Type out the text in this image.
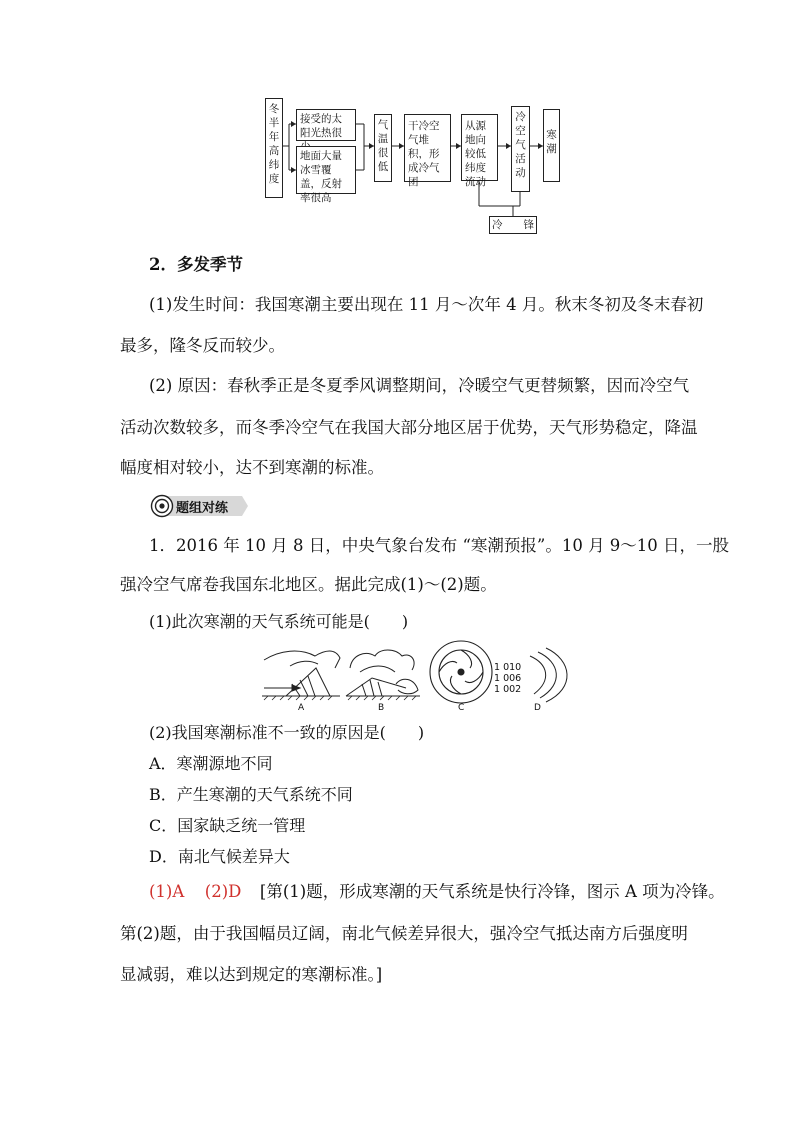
冬
半
年
高
纬
度
接受的太阳光热很
地面大量冰雪覆盖，反射率很高
气
温
很
低
干冷空气堆积，形成冷气团
从源地向较低纬度流动
冷
空
气
活
动
寒
潮
冷　　锋
2．多发季节
(1)发生时间：我国寒潮主要出现在 11 月～次年 4 月。秋末冬初及冬末春初
最多，隆冬反而较少。
(2) 原因：春秋季正是冬夏季风调整期间，冷暖空气更替频繁，因而冷空气
活动次数较多，而冬季冷空气在我国大部分地区居于优势，天气形势稳定，降温
幅度相对较小，达不到寒潮的标准。
题组对练
1．2016 年 10 月 8 日，中央气象台发布 “寒潮预报”。10 月 9～10 日，一股
强冷空气席卷我国东北地区。据此完成(1)～(2)题。
(1)此次寒潮的天气系统可能是(　　)
1 010
1 006
1 002
A	B	C	D
(2)我国寒潮标准不一致的原因是(　　)
A．寒潮源地不同
B．产生寒潮的天气系统不同
C．国家缺乏统一管理
D．南北气候差异大
(1)A (2)D [第(1)题，形成寒潮的天气系统是快行冷锋，图示 A 项为冷锋。
第(2)题，由于我国幅员辽阔，南北气候差异很大，强冷空气抵达南方后强度明
显减弱，难以达到规定的寒潮标准。]
